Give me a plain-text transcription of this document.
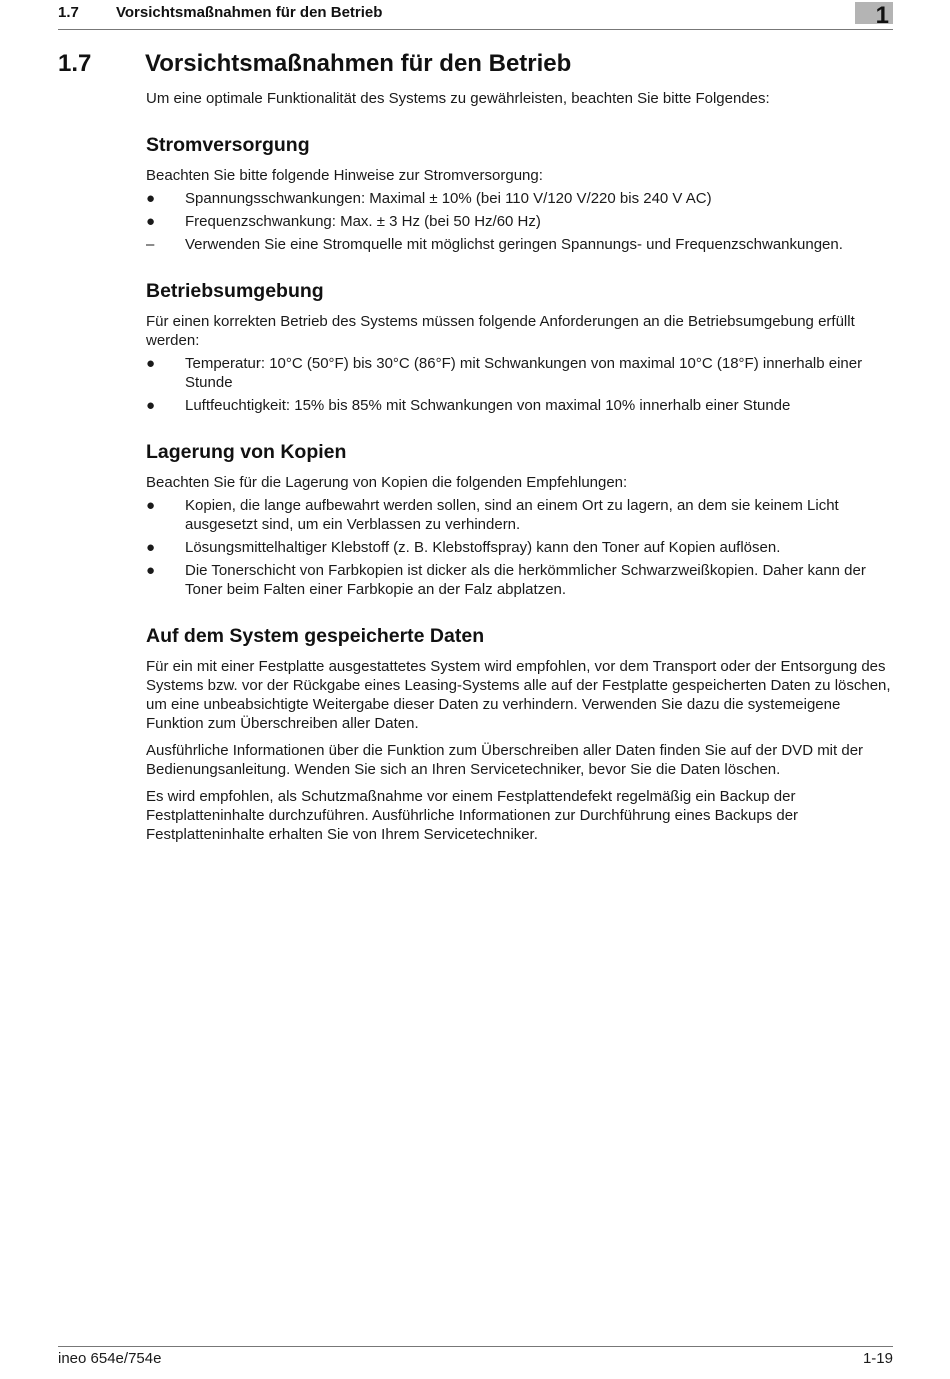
1.7 Vorsichtsmaßnahmen für den Betrieb	1
1.7 Vorsichtsmaßnahmen für den Betrieb

Um eine optimale Funktionalität des Systems zu gewährleisten, beachten Sie bitte Folgendes:

Stromversorgung

Beachten Sie bitte folgende Hinweise zur Stromversorgung:

●	Spannungsschwankungen: Maximal ± 10% (bei 110 V/120 V/220 bis 240 V AC)
●	Frequenzschwankung: Max. ± 3 Hz (bei 50 Hz/60 Hz)
–	Verwenden Sie eine Stromquelle mit möglichst geringen Spannungs- und Frequenzschwankungen.
Betriebsumgebung

Für einen korrekten Betrieb des Systems müssen folgende Anforderungen an die Betriebsumgebung erfüllt werden:

●	Temperatur: 10°C (50°F) bis 30°C (86°F) mit Schwankungen von maximal 10°C (18°F) innerhalb einer Stunde
●	Luftfeuchtigkeit: 15% bis 85% mit Schwankungen von maximal 10% innerhalb einer Stunde
Lagerung von Kopien

Beachten Sie für die Lagerung von Kopien die folgenden Empfehlungen:

●	Kopien, die lange aufbewahrt werden sollen, sind an einem Ort zu lagern, an dem sie keinem Licht ausgesetzt sind, um ein Verblassen zu verhindern.
●	Lösungsmittelhaltiger Klebstoff (z. B. Klebstoffspray) kann den Toner auf Kopien auflösen.
●	Die Tonerschicht von Farbkopien ist dicker als die herkömmlicher Schwarzweißkopien. Daher kann der Toner beim Falten einer Farbkopie an der Falz abplatzen.
Auf dem System gespeicherte Daten

Für ein mit einer Festplatte ausgestattetes System wird empfohlen, vor dem Transport oder der Entsorgung des Systems bzw. vor der Rückgabe eines Leasing-Systems alle auf der Festplatte gespeicherten Daten zu löschen, um eine unbeabsichtigte Weitergabe dieser Daten zu verhindern. Verwenden Sie dazu die systemeigene Funktion zum Überschreiben aller Daten.

Ausführliche Informationen über die Funktion zum Überschreiben aller Daten finden Sie auf der DVD mit der Bedienungsanleitung. Wenden Sie sich an Ihren Servicetechniker, bevor Sie die Daten löschen.

Es wird empfohlen, als Schutzmaßnahme vor einem Festplattendefekt regelmäßig ein Backup der Festplatteninhalte durchzuführen. Ausführliche Informationen zur Durchführung eines Backups der Festplatteninhalte erhalten Sie von Ihrem Servicetechniker.

ineo 654e/754e	1-19
